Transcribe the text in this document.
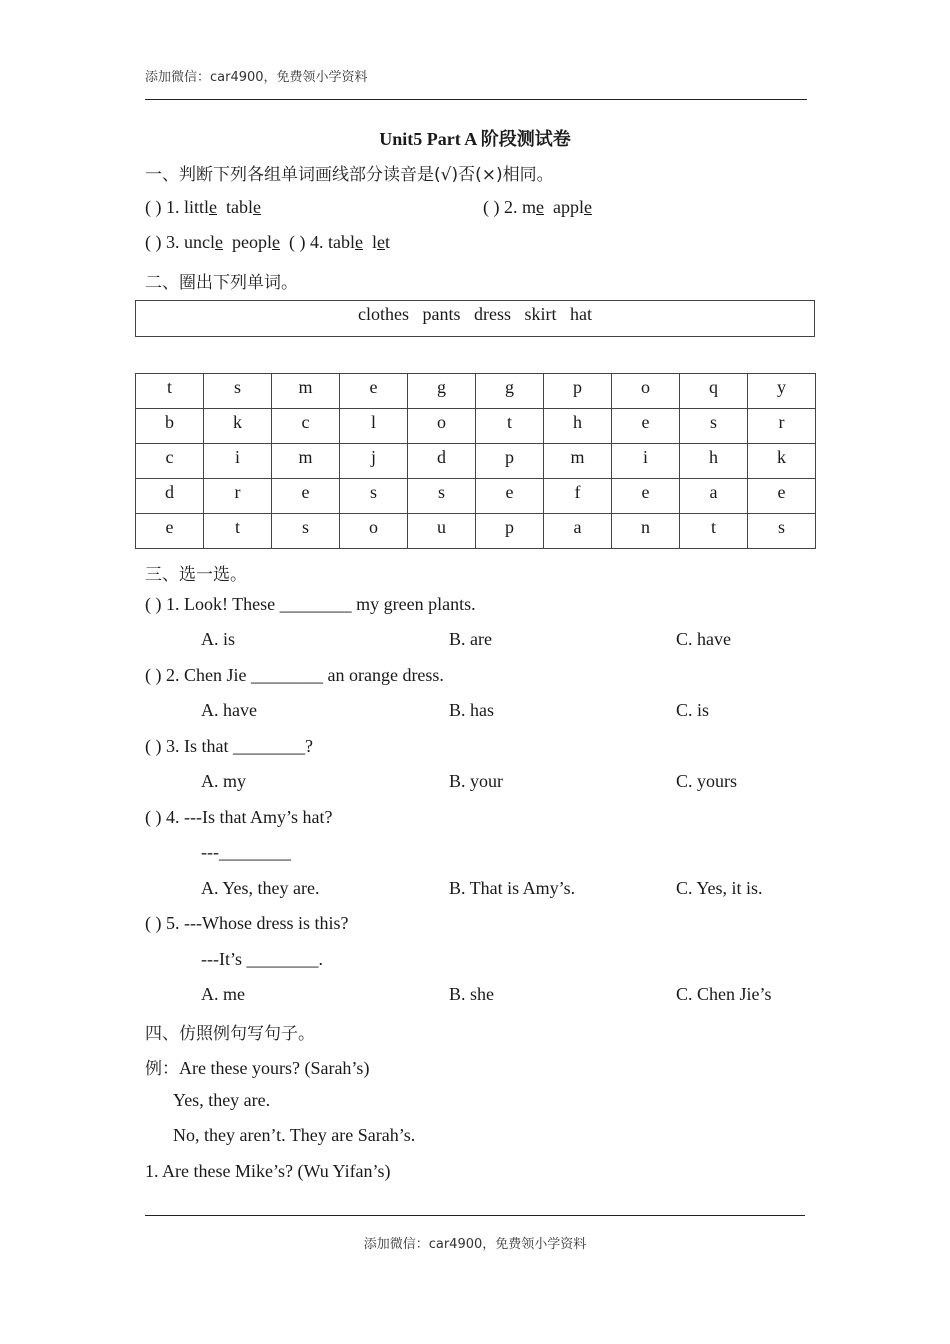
添加微信：car4900，免费领小学资料
Unit5 Part A 阶段测试卷
一、判断下列各组单词画线部分读音是(√)否(×)相同。
( ) 1. little table	( ) 2. me apple
( ) 3. uncle people ( ) 4. table let
二、圈出下列单词。
clothes   pants   dress   skirt   hat
t	s	m	e	g	g	p	o	q	y
b	k	c	l	o	t	h	e	s	r
c	i	m	j	d	p	m	i	h	k
d	r	e	s	s	e	f	e	a	e
e	t	s	o	u	p	a	n	t	s
三、选一选。
( ) 1. Look! These ________ my green plants.
A. is	B. are	C. have
( ) 2. Chen Jie ________ an orange dress.
A. have	B. has	C. is
( ) 3. Is that ________?
A. my	B. your	C. yours
( ) 4. ---Is that Amy’s hat?
---________
A. Yes, they are.	B. That is Amy’s.	C. Yes, it is.
( ) 5. ---Whose dress is this?
---It’s ________.
A. me	B. she	C. Chen Jie’s
四、仿照例句写句子。
例：Are these yours? (Sarah’s)
Yes, they are.
No, they aren’t. They are Sarah’s.
1. Are these Mike’s? (Wu Yifan’s)
添加微信：car4900，免费领小学资料
